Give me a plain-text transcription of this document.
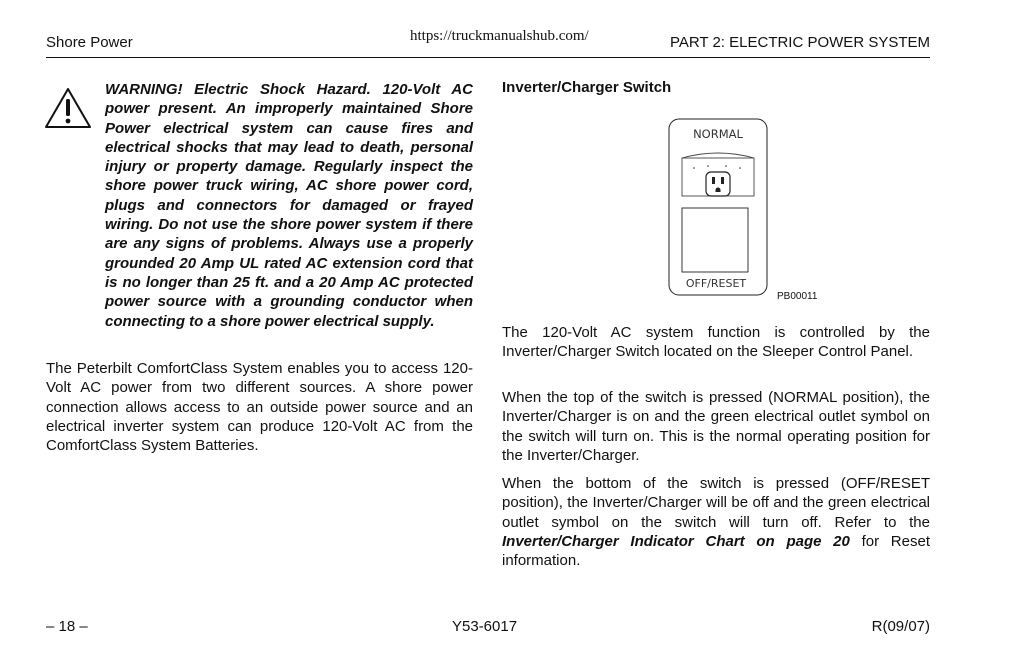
Shore Power	https://truckmanualshub.com/	PART 2: ELECTRIC POWER SYSTEM
WARNING! Electric Shock Hazard. 120-Volt AC power present. An improperly maintained Shore Power electrical system can cause fires and electrical shocks that may lead to death, personal injury or property damage. Regularly inspect the shore power truck wiring, AC shore power cord, plugs and connectors for damaged or frayed wiring. Do not use the shore power system if there are any signs of problems. Always use a properly grounded 20 Amp UL rated AC extension cord that is no longer than 25 ft. and a 20 Amp AC protected power source with a grounding conductor when connecting to a shore power electrical supply.
The Peterbilt ComfortClass System enables you to access 120-Volt AC power from two different sources. A shore power connection allows access to an outside power source and an electrical inverter system can produce 120-Volt AC from the ComfortClass System Batteries.
Inverter/Charger Switch
NORMAL
OFF/RESET
PB00011

The 120-Volt AC system function is controlled by the Inverter/Charger Switch located on the Sleeper Control Panel.

When the top of the switch is pressed (NORMAL position), the Inverter/Charger is on and the green electrical outlet symbol on the switch will turn on. This is the normal operating position for the Inverter/Charger.

When the bottom of the switch is pressed (OFF/RESET position), the Inverter/Charger will be off and the green electrical outlet symbol on the switch will turn off. Refer to the Inverter/Charger Indicator Chart on page 20 for Reset information.

– 18 –	Y53-6017	R(09/07)
